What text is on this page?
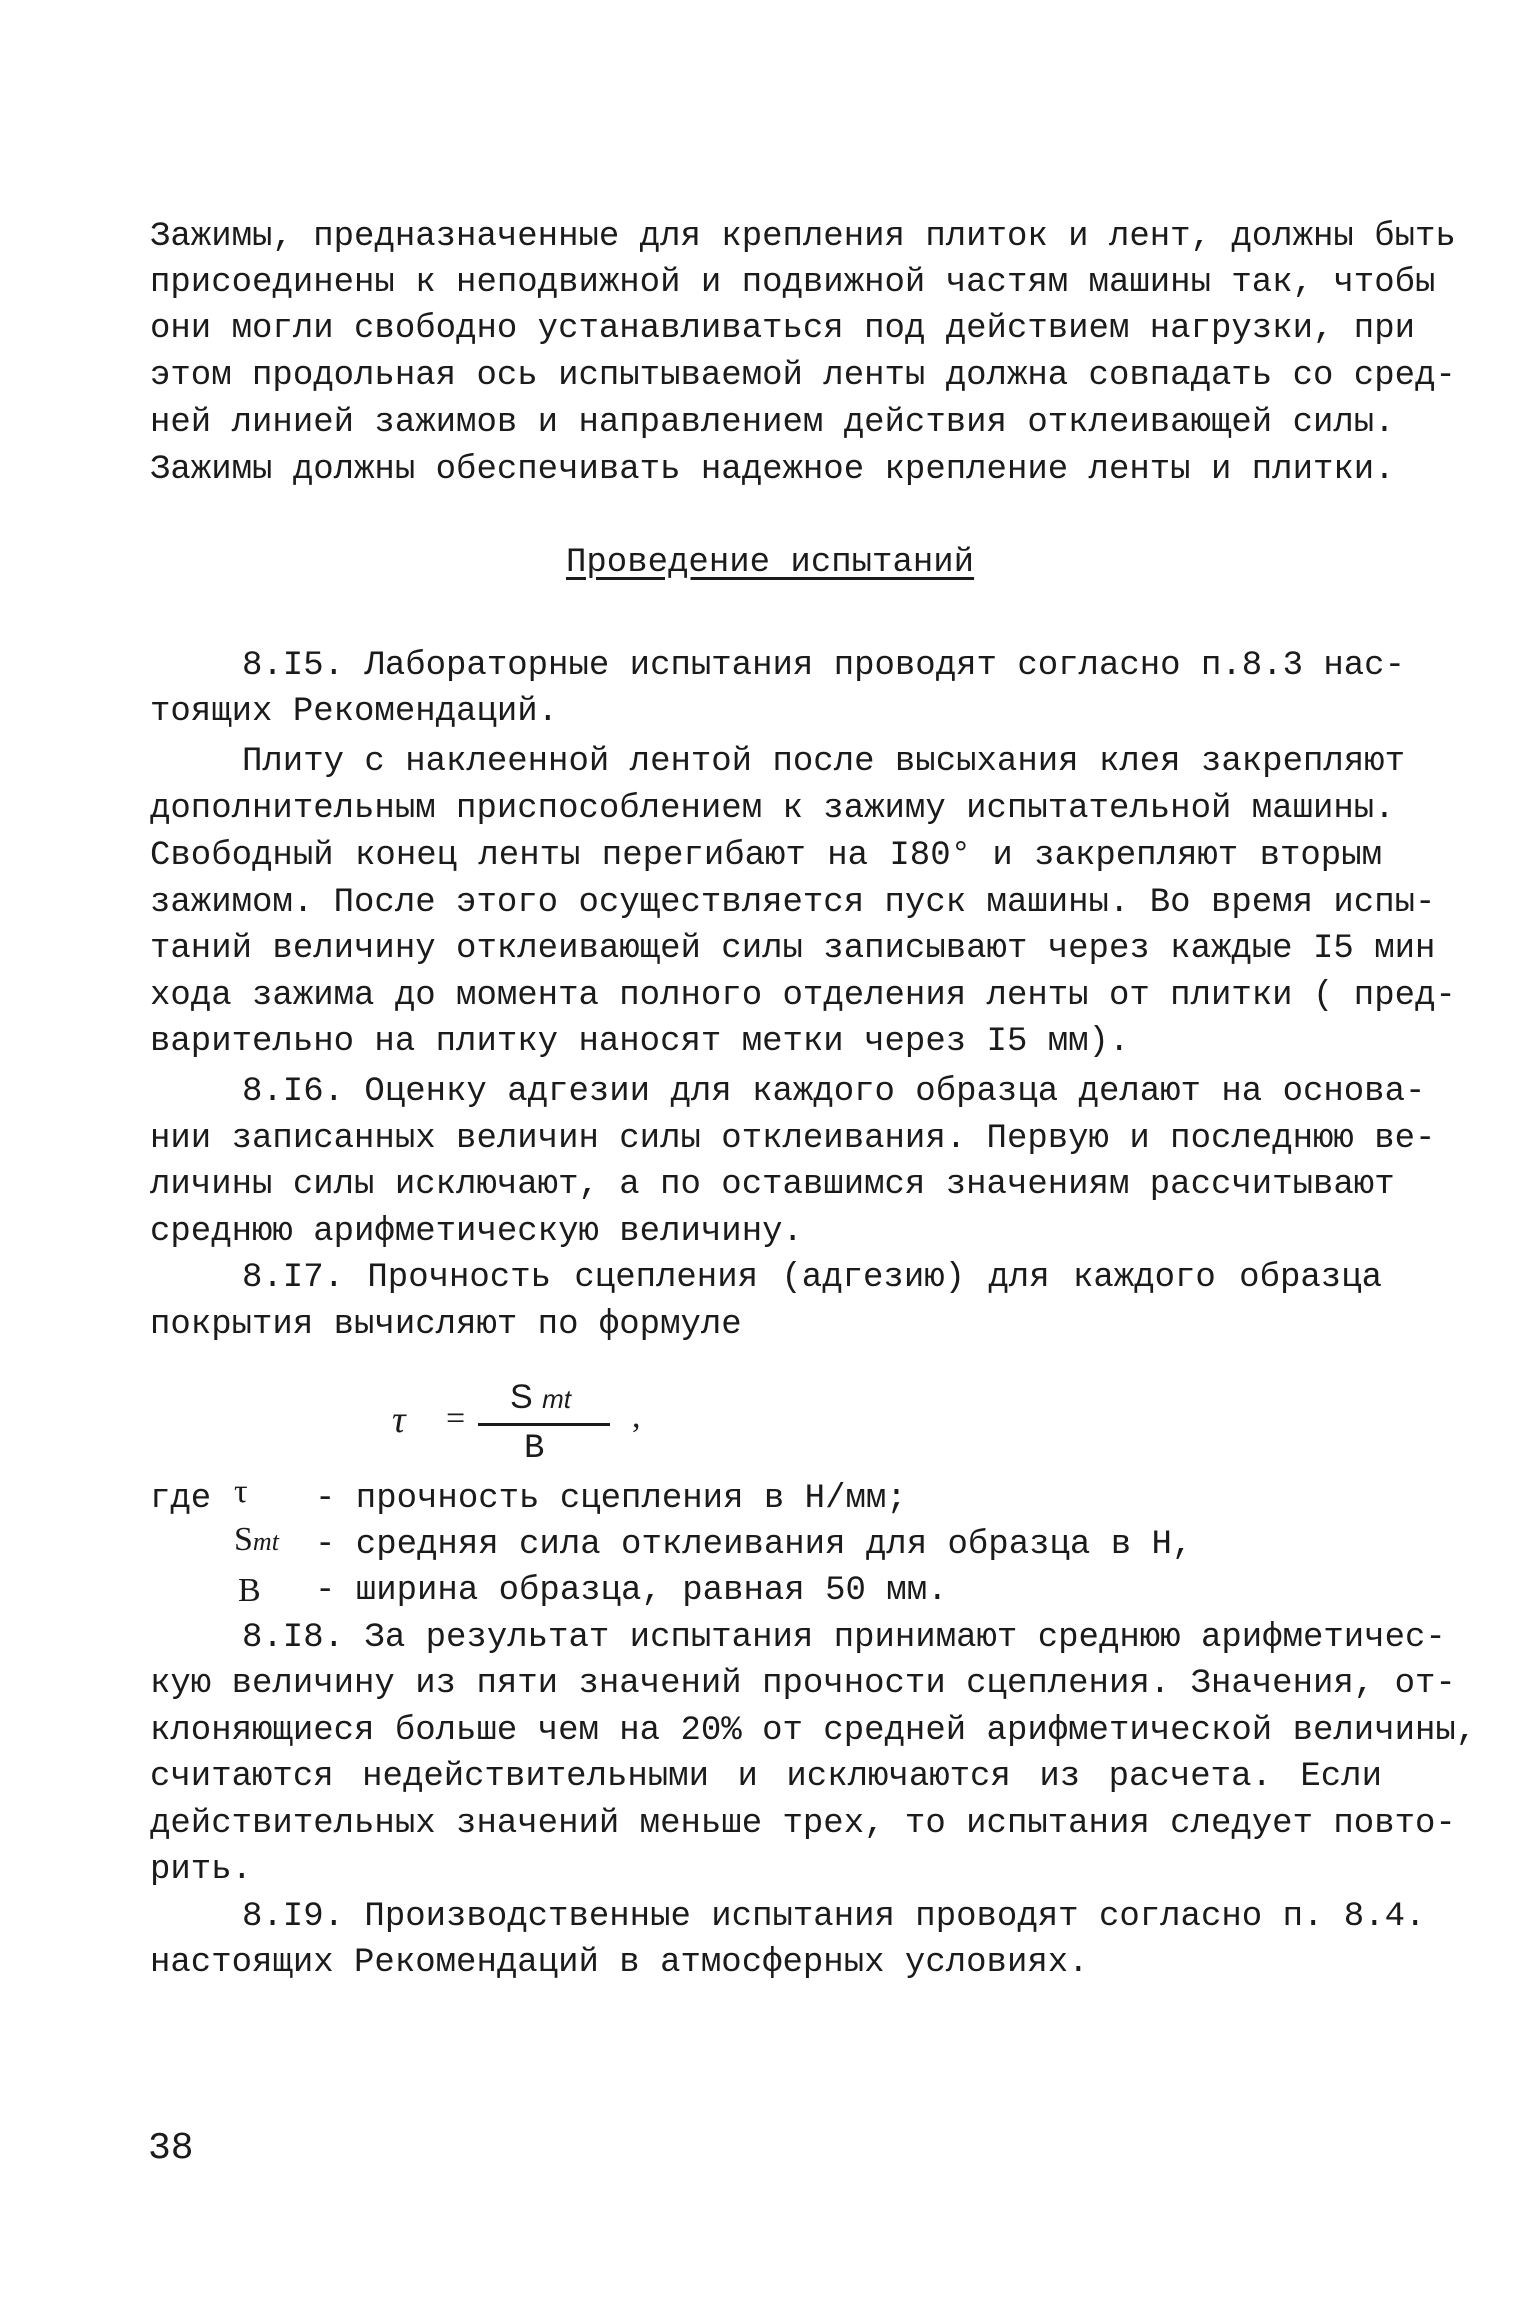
Зажимы, предназначенные для крепления плиток и лент, должны быть
присоединены к неподвижной и подвижной частям машины так, чтобы
они могли свободно устанавливаться под действием нагрузки, при
этом продольная ось испытываемой ленты должна совпадать со сред-
ней линией зажимов и направлением действия отклеивающей силы.
Зажимы должны обеспечивать надежное крепление ленты и плитки.
Проведение испытаний
8.I5. Лабораторные испытания проводят согласно п.8.3 нас-
тоящих Рекомендаций.
Плиту с наклеенной лентой после высыхания клея закрепляют
дополнительным приспособлением к зажиму испытательной машины.
Свободный конец ленты перегибают на I80° и закрепляют вторым
зажимом. После этого осуществляется пуск машины. Во время испы-
таний величину отклеивающей силы записывают через каждые I5 мин
хода зажима до момента полного отделения ленты от плитки ( пред-
варительно на плитку наносят метки через I5 мм).
8.I6. Оценку адгезии для каждого образца делают на основа-
нии записанных величин силы отклеивания. Первую и последнюю ве-
личины силы исключают, а по оставшимся значениям рассчитывают
среднюю арифметическую величину.
8.I7. Прочность сцепления (адгезию) для каждого образца
покрытия вычисляют по формуле
τ =
S mt
B
,
где τ - прочность сцепления в Н/мм;
Smt - средняя сила отклеивания для образца в Н,
B - ширина образца, равная 50 мм.
8.I8. За результат испытания принимают среднюю арифметичес-
кую величину из пяти значений прочности сцепления. Значения, от-
клоняющиеся больше чем на 20% от средней арифметической величины,
считаются недействительными и исключаются из расчета. Если
действительных значений меньше трех, то испытания следует повто-
рить.
8.I9. Производственные испытания проводят согласно п. 8.4.
настоящих Рекомендаций в атмосферных условиях.
38
